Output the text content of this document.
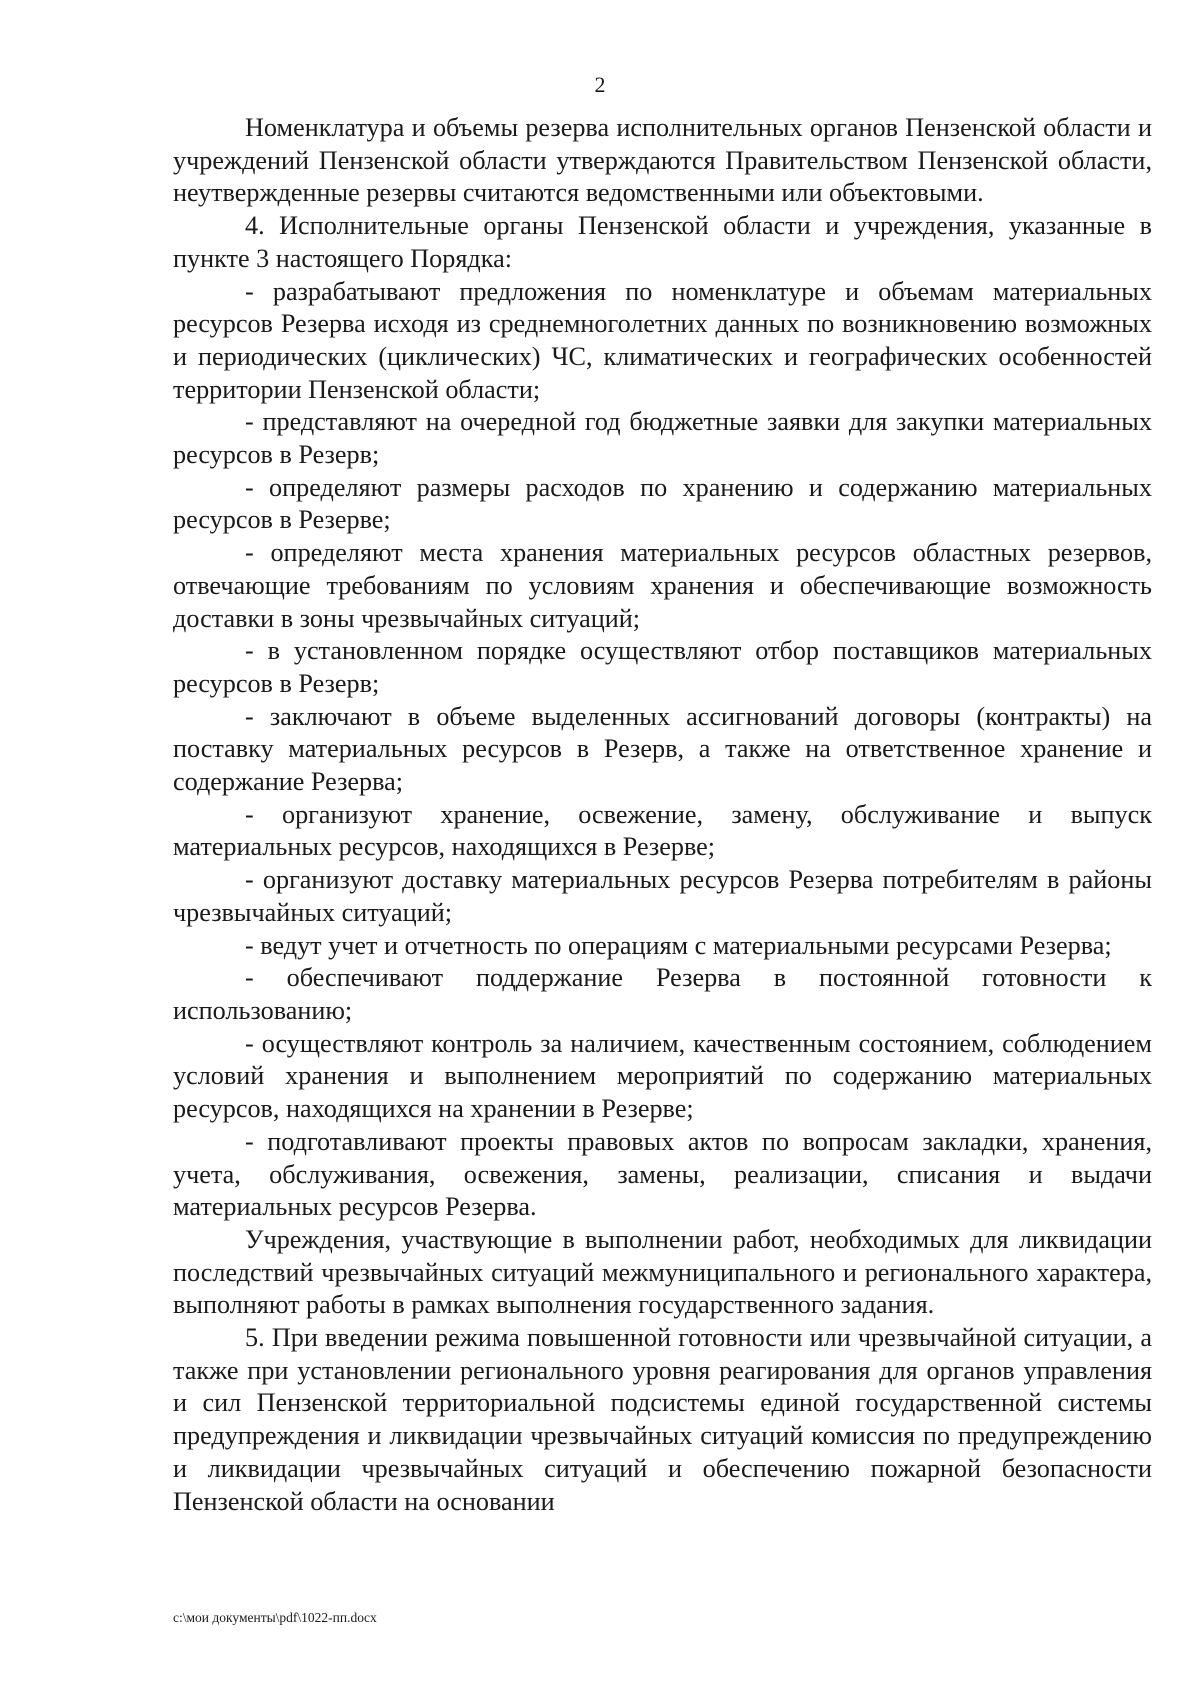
2

Номенклатура и объемы резерва исполнительных органов Пензенской области и учреждений Пензенской области утверждаются Правительством Пензенской области, неутвержденные резервы считаются ведомственными или объектовыми.

4. Исполнительные органы Пензенской области и учреждения, указанные в пункте 3 настоящего Порядка:

- разрабатывают предложения по номенклатуре и объемам материальных ресурсов Резерва исходя из среднемноголетних данных по возникновению возможных и периодических (циклических) ЧС, климатических и географических особенностей территории Пензенской области;

- представляют на очередной год бюджетные заявки для закупки материальных ресурсов в Резерв;

- определяют размеры расходов по хранению и содержанию материальных ресурсов в Резерве;

- определяют места хранения материальных ресурсов областных резервов, отвечающие требованиям по условиям хранения и обеспечивающие возможность доставки в зоны чрезвычайных ситуаций;

- в установленном порядке осуществляют отбор поставщиков материальных ресурсов в Резерв;

- заключают в объеме выделенных ассигнований договоры (контракты) на поставку материальных ресурсов в Резерв, а также на ответственное хранение и содержание Резерва;

- организуют хранение, освежение, замену, обслуживание и выпуск материальных ресурсов, находящихся в Резерве;

- организуют доставку материальных ресурсов Резерва потребителям в районы чрезвычайных ситуаций;

- ведут учет и отчетность по операциям с материальными ресурсами Резерва;

- обеспечивают поддержание Резерва в постоянной готовности к использованию;

- осуществляют контроль за наличием, качественным состоянием, соблюдением условий хранения и выполнением мероприятий по содержанию материальных ресурсов, находящихся на хранении в Резерве;

- подготавливают проекты правовых актов по вопросам закладки, хранения, учета, обслуживания, освежения, замены, реализации, списания и выдачи материальных ресурсов Резерва.

Учреждения, участвующие в выполнении работ, необходимых для ликвидации последствий чрезвычайных ситуаций межмуниципального и регионального характера, выполняют работы в рамках выполнения государственного задания.

5. При введении режима повышенной готовности или чрезвычайной ситуации, а также при установлении регионального уровня реагирования для органов управления и сил Пензенской территориальной подсистемы единой государственной системы предупреждения и ликвидации чрезвычайных ситуаций комиссия по предупреждению и ликвидации чрезвычайных ситуаций и обеспечению пожарной безопасности Пензенской области на основании

c:\мои документы\pdf\1022-пп.docx
